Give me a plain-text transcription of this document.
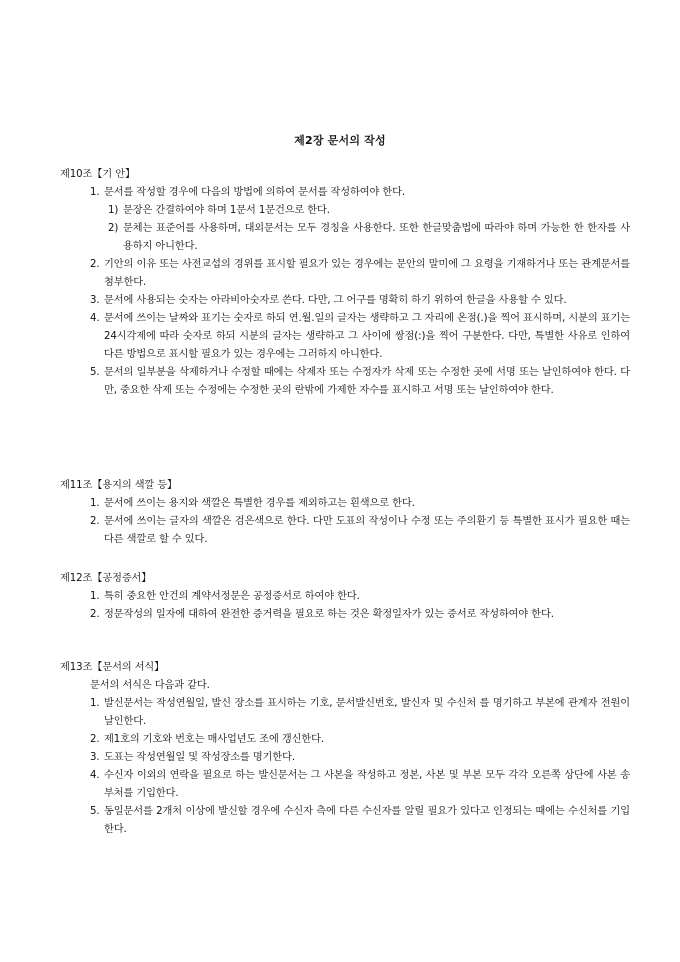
제2장 문서의 작성
제10조【기 안】
1. 문서를 작성할 경우에 다음의 방법에 의하여 문서를 작성하여야 한다.
1) 문장은 간결하여야 하며 1문서 1문건으로 한다.
2) 문체는 표준어를 사용하며, 대외문서는 모두 경칭을 사용한다. 또한 한글맞춤법에 따라야 하며 가능한 한 한자를 사용하지 아니한다.
2. 기안의 이유 또는 사전교섭의 경위를 표시할 필요가 있는 경우에는 문안의 말미에 그 요령을 기재하거나 또는 관계문서를 첨부한다.
3. 문서에 사용되는 숫자는 아라비아숫자로 쓴다. 다만, 그 어구를 명확히 하기 위하여 한글을 사용할 수 있다.
4. 문서에 쓰이는 날짜와 표기는 숫자로 하되 연.월.일의 글자는 생략하고 그 자리에 온점(.)을 찍어 표시하며, 시분의 표기는 24시각제에 따라 숫자로 하되 시분의 글자는 생략하고 그 사이에 쌍점(:)을 찍어 구분한다. 다만, 특별한 사유로 인하여 다른 방법으로 표시할 필요가 있는 경우에는 그러하지 아니한다.
5. 문서의 일부분을 삭제하거나 수정할 때에는 삭제자 또는 수정자가 삭제 또는 수정한 곳에 서명 또는 날인하여야 한다. 다만, 중요한 삭제 또는 수정에는 수정한 곳의 란밖에 가제한 자수를 표시하고 서명 또는 날인하여야 한다.
제11조【용지의 색깔 등】
1. 문서에 쓰이는 용지와 색깔은 특별한 경우를 제외하고는 흰색으로 한다.
2. 문서에 쓰이는 글자의 색깔은 검은색으로 한다. 다만 도표의 작성이나 수정 또는 주의환기 등 특별한 표시가 필요한 때는 다른 색깔로 할 수 있다.
제12조【공정증서】
1. 특히 중요한 안건의 계약서정문은 공정증서로 하여야 한다.
2. 정문작성의 일자에 대하여 완전한 증거력을 필요로 하는 것은 확정일자가 있는 증서로 작성하여야 한다.
제13조【문서의 서식】
문서의 서식은 다음과 같다.
1. 발신문서는 작성연월일, 발신 장소를 표시하는 기호, 문서발신번호, 발신자 및 수신처 를 명기하고 부본에 관계자 전원이 날인한다.
2. 제1호의 기호와 번호는 매사업년도 조에 갱신한다.
3. 도표는 작성연월일 및 작성장소를 명기한다.
4. 수신자 이외의 연락을 필요로 하는 발신문서는 그 사본을 작성하고 정본, 사본 및 부본 모두 각각 오른쪽 상단에 사본 송부처를 기입한다.
5. 동일문서를 2개처 이상에 발신할 경우에 수신자 측에 다른 수신자를 알릴 필요가 있다고 인정되는 때에는 수신처를 기입한다.
